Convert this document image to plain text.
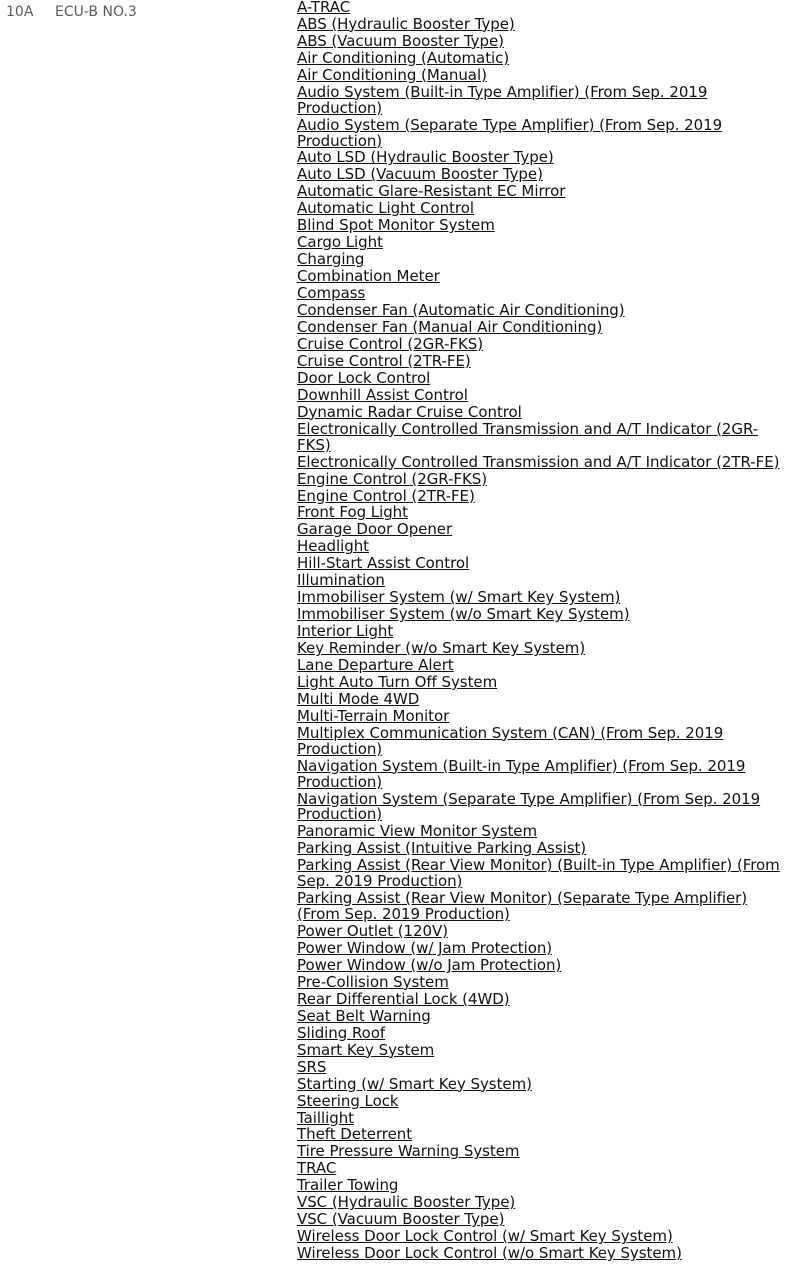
10A ECU-B NO.3	A-TRAC
ABS (Hydraulic Booster Type)
ABS (Vacuum Booster Type)
Air Conditioning (Automatic)
Air Conditioning (Manual)
Audio System (Built-in Type Amplifier) (From Sep. 2019 Production)
Audio System (Separate Type Amplifier) (From Sep. 2019 Production)
Auto LSD (Hydraulic Booster Type)
Auto LSD (Vacuum Booster Type)
Automatic Glare-Resistant EC Mirror
Automatic Light Control
Blind Spot Monitor System
Cargo Light
Charging
Combination Meter
Compass
Condenser Fan (Automatic Air Conditioning)
Condenser Fan (Manual Air Conditioning)
Cruise Control (2GR-FKS)
Cruise Control (2TR-FE)
Door Lock Control
Downhill Assist Control
Dynamic Radar Cruise Control
Electronically Controlled Transmission and A/T Indicator (2GR-FKS)
Electronically Controlled Transmission and A/T Indicator (2TR-FE)
Engine Control (2GR-FKS)
Engine Control (2TR-FE)
Front Fog Light
Garage Door Opener
Headlight
Hill-Start Assist Control
Illumination
Immobiliser System (w/ Smart Key System)
Immobiliser System (w/o Smart Key System)
Interior Light
Key Reminder (w/o Smart Key System)
Lane Departure Alert
Light Auto Turn Off System
Multi Mode 4WD
Multi-Terrain Monitor
Multiplex Communication System (CAN) (From Sep. 2019 Production)
Navigation System (Built-in Type Amplifier) (From Sep. 2019 Production)
Navigation System (Separate Type Amplifier) (From Sep. 2019 Production)
Panoramic View Monitor System
Parking Assist (Intuitive Parking Assist)
Parking Assist (Rear View Monitor) (Built-in Type Amplifier) (From Sep. 2019 Production)
Parking Assist (Rear View Monitor) (Separate Type Amplifier) (From Sep. 2019 Production)
Power Outlet (120V)
Power Window (w/ Jam Protection)
Power Window (w/o Jam Protection)
Pre-Collision System
Rear Differential Lock (4WD)
Seat Belt Warning
Sliding Roof
Smart Key System
SRS
Starting (w/ Smart Key System)
Steering Lock
Taillight
Theft Deterrent
Tire Pressure Warning System
TRAC
Trailer Towing
VSC (Hydraulic Booster Type)
VSC (Vacuum Booster Type)
Wireless Door Lock Control (w/ Smart Key System)
Wireless Door Lock Control (w/o Smart Key System)
